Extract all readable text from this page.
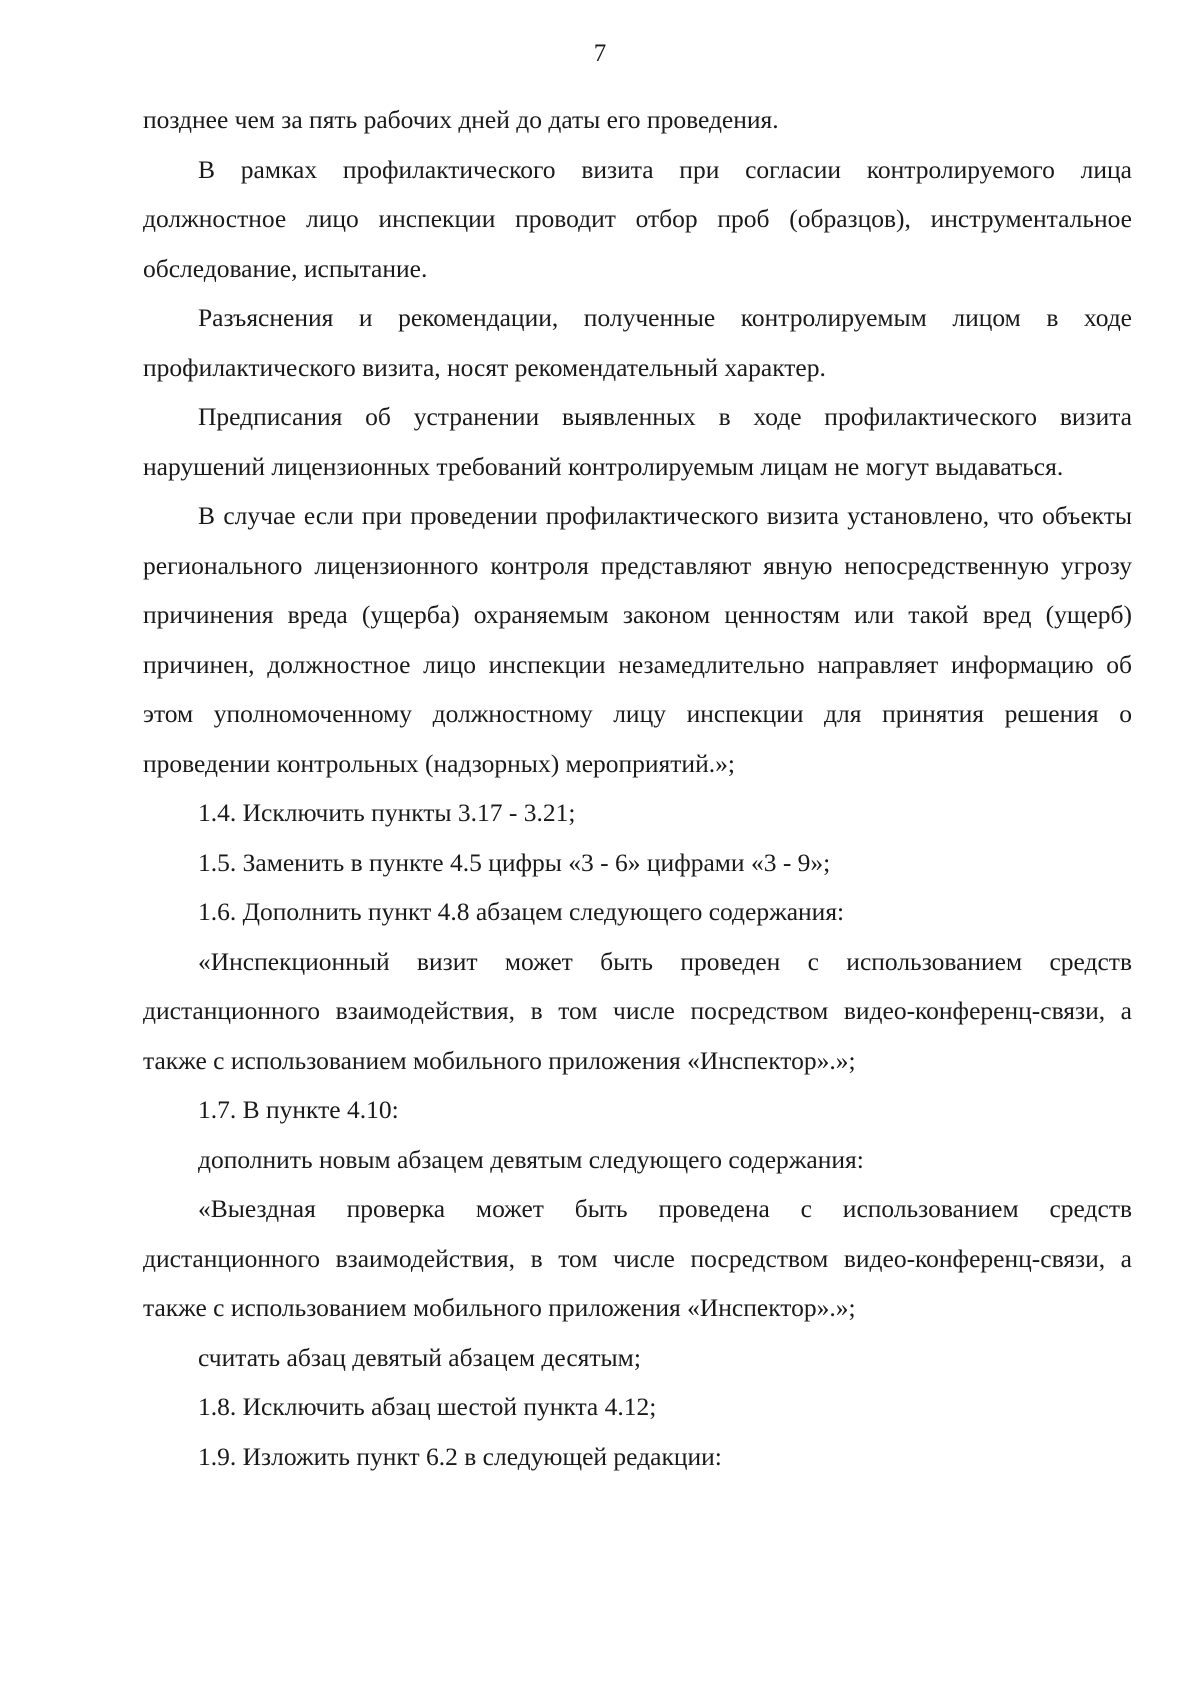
7

позднее чем за пять рабочих дней до даты его проведения.

В рамках профилактического визита при согласии контролируемого лица должностное лицо инспекции проводит отбор проб (образцов), инструментальное обследование, испытание.

Разъяснения и рекомендации, полученные контролируемым лицом в ходе профилактического визита, носят рекомендательный характер.

Предписания об устранении выявленных в ходе профилактического визита нарушений лицензионных требований контролируемым лицам не могут выдаваться.

В случае если при проведении профилактического визита установлено, что объекты регионального лицензионного контроля представляют явную непосредственную угрозу причинения вреда (ущерба) охраняемым законом ценностям или такой вред (ущерб) причинен, должностное лицо инспекции незамедлительно направляет информацию об этом уполномоченному должностному лицу инспекции для принятия решения о проведении контрольных (надзорных) мероприятий.»;

1.4. Исключить пункты 3.17 - 3.21;

1.5. Заменить в пункте 4.5 цифры «3 - 6» цифрами «3 - 9»;

1.6. Дополнить пункт 4.8 абзацем следующего содержания:

«Инспекционный визит может быть проведен с использованием средств дистанционного взаимодействия, в том числе посредством видео-конференц-связи, а также с использованием мобильного приложения «Инспектор».»;

1.7. В пункте 4.10:

дополнить новым абзацем девятым следующего содержания:

«Выездная проверка может быть проведена с использованием средств дистанционного взаимодействия, в том числе посредством видео-конференц-связи, а также с использованием мобильного приложения «Инспектор».»;

считать абзац девятый абзацем десятым;

1.8. Исключить абзац шестой пункта 4.12;

1.9. Изложить пункт 6.2 в следующей редакции:
